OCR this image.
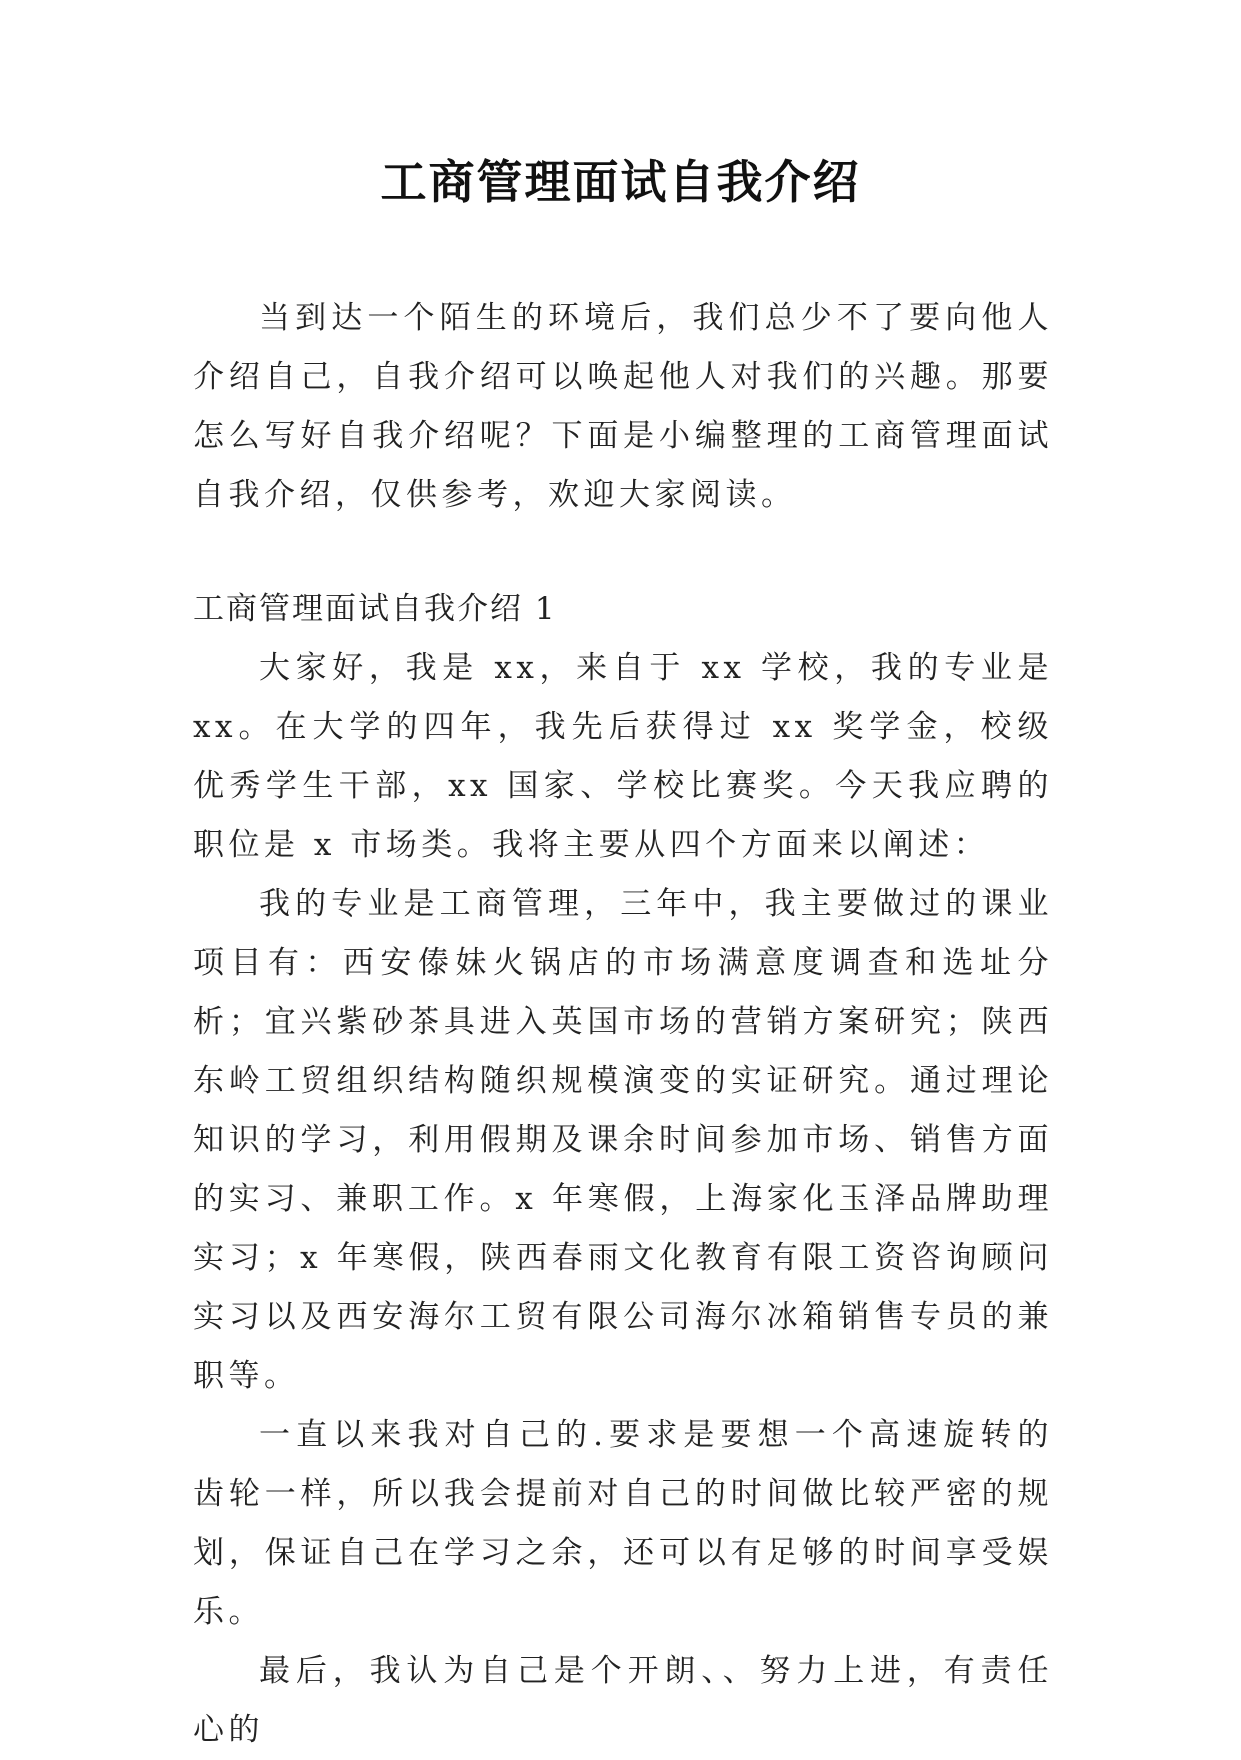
工商管理面试自我介绍

当到达一个陌生的环境后，我们总少不了要向他人介绍自己，自我介绍可以唤起他人对我们的兴趣。那要怎么写好自我介绍呢？下面是小编整理的工商管理面试自我介绍，仅供参考，欢迎大家阅读。

工商管理面试自我介绍 1

大家好，我是 xx，来自于 xx 学校，我的专业是 xx。在大学的四年，我先后获得过 xx 奖学金，校级优秀学生干部，xx 国家、学校比赛奖。今天我应聘的职位是 x 市场类。我将主要从四个方面来以阐述：

我的专业是工商管理，三年中，我主要做过的课业项目有：西安傣妹火锅店的市场满意度调查和选址分析；宜兴紫砂茶具进入英国市场的营销方案研究；陕西东岭工贸组织结构随织规模演变的实证研究。通过理论知识的学习，利用假期及课余时间参加市场、销售方面的实习、兼职工作。x 年寒假，上海家化玉泽品牌助理实习；x 年寒假，陕西春雨文化教育有限工资咨询顾问实习以及西安海尔工贸有限公司海尔冰箱销售专员的兼职等。

一直以来我对自己的.要求是要想一个高速旋转的齿轮一样，所以我会提前对自己的时间做比较严密的规划，保证自己在学习之余，还可以有足够的时间享受娱乐。

最后，我认为自己是个开朗、、努力上进，有责任心的
